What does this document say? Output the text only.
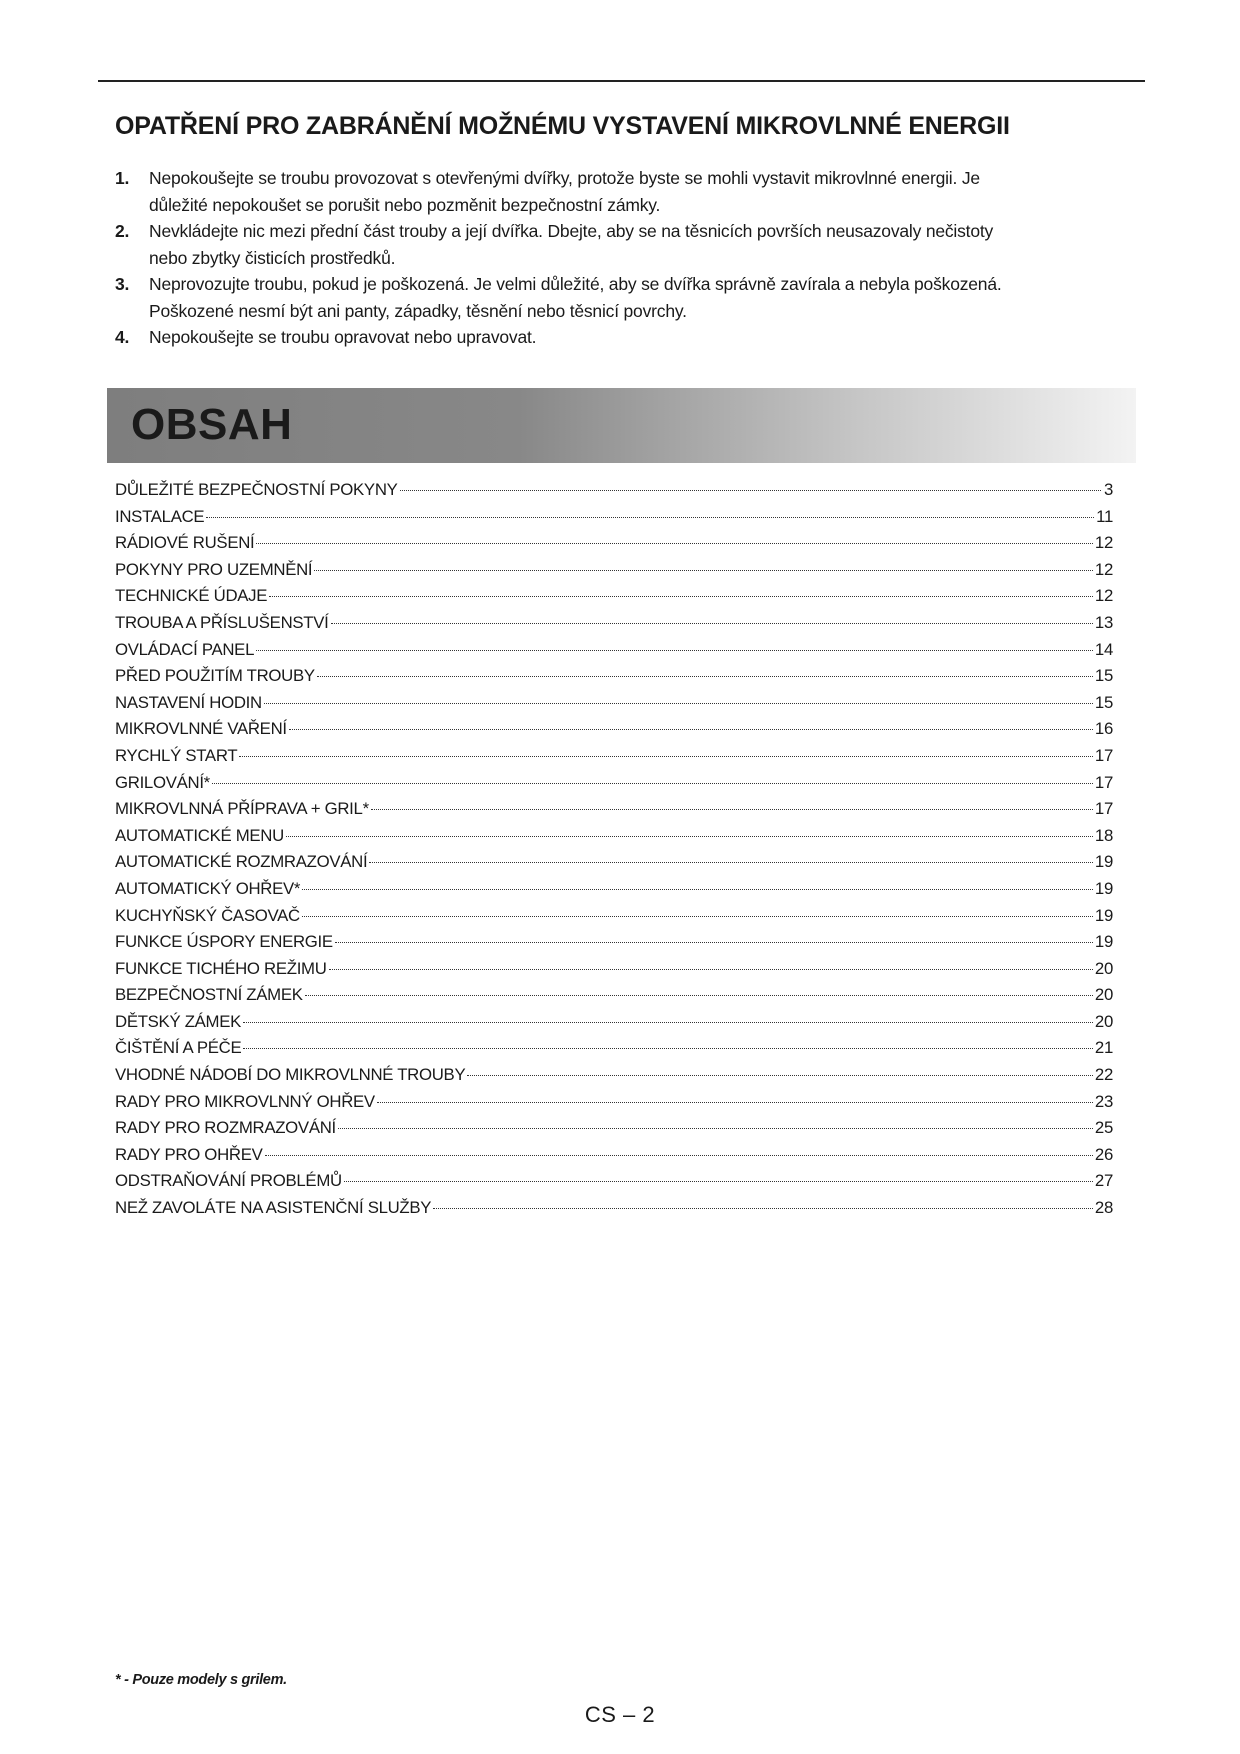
OPATŘENÍ PRO ZABRÁNĚNÍ MOŽNÉMU VYSTAVENÍ MIKROVLNNÉ ENERGII
1. Nepokoušejte se troubu provozovat s otevřenými dvířky, protože byste se mohli vystavit mikrovlnné energii. Je
důležité nepokoušet se porušit nebo pozměnit bezpečnostní zámky.
2. Nevkládejte nic mezi přední část trouby a její dvířka. Dbejte, aby se na těsnicích površích neusazovaly nečistoty
nebo zbytky čisticích prostředků.
3. Neprovozujte troubu, pokud je poškozená. Je velmi důležité, aby se dvířka správně zavírala a nebyla poškozená.
Poškozené nesmí být ani panty, západky, těsnění nebo těsnicí povrchy.
4. Nepokoušejte se troubu opravovat nebo upravovat.
OBSAH
DŮLEŽITÉ BEZPEČNOSTNÍ POKYNY	3
INSTALACE	11
RÁDIOVÉ RUŠENÍ	12
POKYNY PRO UZEMNĚNÍ	12
TECHNICKÉ ÚDAJE	12
TROUBA A PŘÍSLUŠENSTVÍ	13
OVLÁDACÍ PANEL	14
PŘED POUŽITÍM TROUBY	15
NASTAVENÍ HODIN	15
MIKROVLNNÉ VAŘENÍ	16
RYCHLÝ START	17
GRILOVÁNÍ*	17
MIKROVLNNÁ PŘÍPRAVA + GRIL*	17
AUTOMATICKÉ MENU	18
AUTOMATICKÉ ROZMRAZOVÁNÍ	19
AUTOMATICKÝ OHŘEV*	19
KUCHYŇSKÝ ČASOVAČ	19
FUNKCE ÚSPORY ENERGIE	19
FUNKCE TICHÉHO REŽIMU	20
BEZPEČNOSTNÍ ZÁMEK	20
DĚTSKÝ ZÁMEK	20
ČIŠTĚNÍ A PÉČE	21
VHODNÉ NÁDOBÍ DO MIKROVLNNÉ TROUBY	22
RADY PRO MIKROVLNNÝ OHŘEV	23
RADY PRO ROZMRAZOVÁNÍ	25
RADY PRO OHŘEV	26
ODSTRAŇOVÁNÍ PROBLÉMŮ	27
NEŽ ZAVOLÁTE NA ASISTENČNÍ SLUŽBY	28
* - Pouze modely s grilem.
CS – 2
